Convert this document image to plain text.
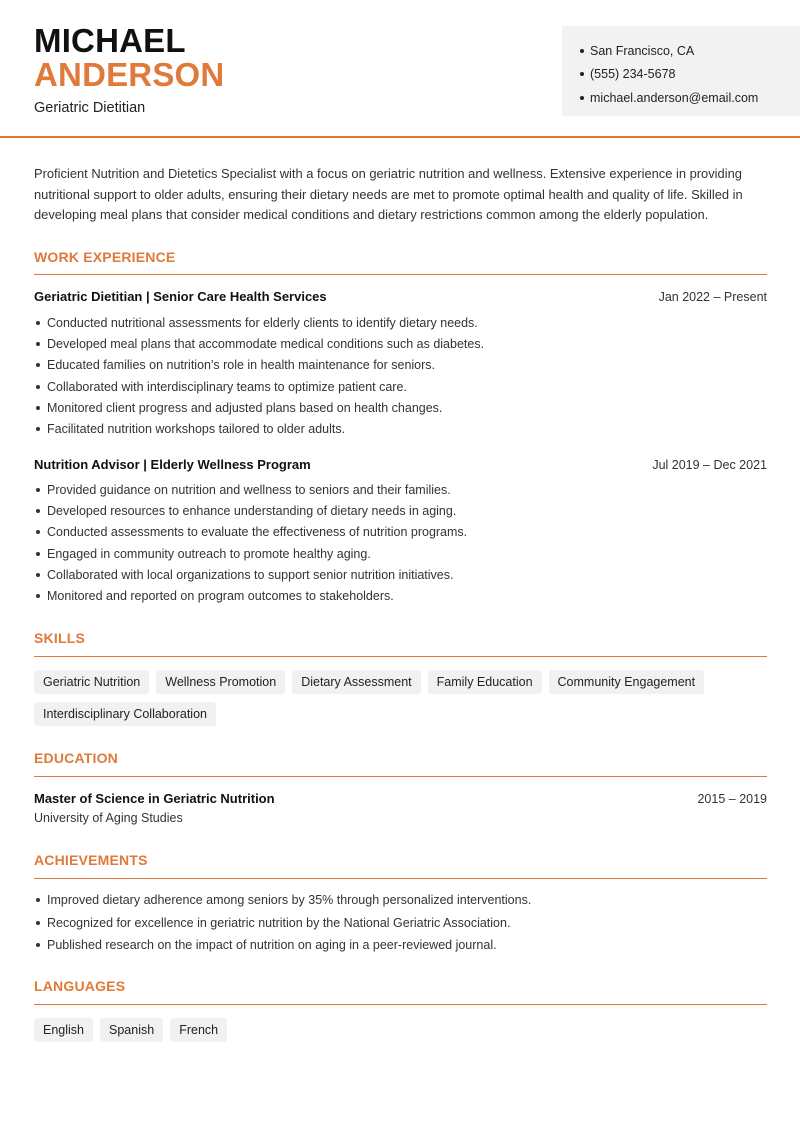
MICHAEL
ANDERSON
Geriatric Dietitian
San Francisco, CA
(555) 234-5678
michael.anderson@email.com
Proficient Nutrition and Dietetics Specialist with a focus on geriatric nutrition and wellness. Extensive experience in providing nutritional support to older adults, ensuring their dietary needs are met to promote optimal health and quality of life. Skilled in developing meal plans that consider medical conditions and dietary restrictions common among the elderly population.
WORK EXPERIENCE
Geriatric Dietitian | Senior Care Health Services	Jan 2022 – Present
Conducted nutritional assessments for elderly clients to identify dietary needs.
Developed meal plans that accommodate medical conditions such as diabetes.
Educated families on nutrition's role in health maintenance for seniors.
Collaborated with interdisciplinary teams to optimize patient care.
Monitored client progress and adjusted plans based on health changes.
Facilitated nutrition workshops tailored to older adults.
Nutrition Advisor | Elderly Wellness Program	Jul 2019 – Dec 2021
Provided guidance on nutrition and wellness to seniors and their families.
Developed resources to enhance understanding of dietary needs in aging.
Conducted assessments to evaluate the effectiveness of nutrition programs.
Engaged in community outreach to promote healthy aging.
Collaborated with local organizations to support senior nutrition initiatives.
Monitored and reported on program outcomes to stakeholders.
SKILLS
Geriatric Nutrition	Wellness Promotion	Dietary Assessment	Family Education	Community Engagement
Interdisciplinary Collaboration
EDUCATION
Master of Science in Geriatric Nutrition	2015 – 2019
University of Aging Studies
ACHIEVEMENTS
Improved dietary adherence among seniors by 35% through personalized interventions.
Recognized for excellence in geriatric nutrition by the National Geriatric Association.
Published research on the impact of nutrition on aging in a peer-reviewed journal.
LANGUAGES
English	Spanish	French
